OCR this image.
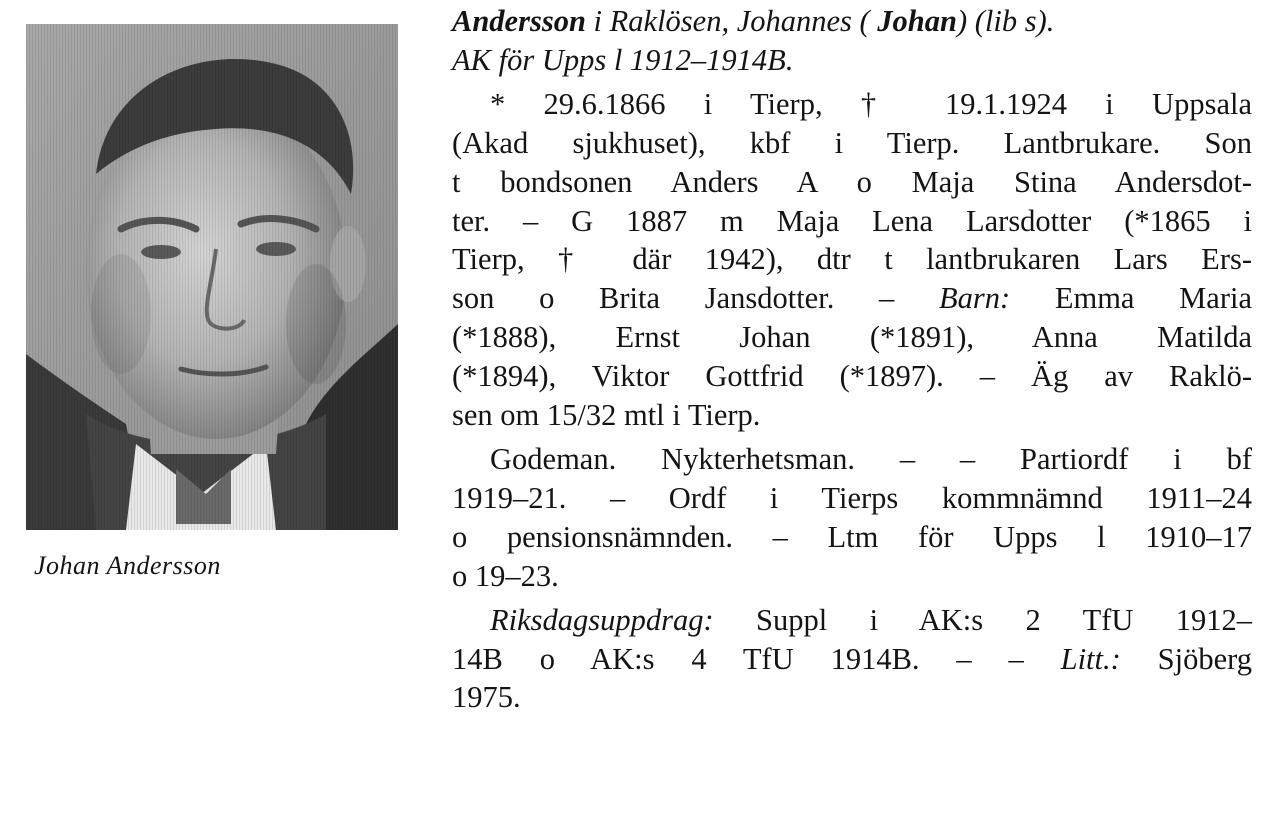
Johan Andersson
Andersson i Raklösen, Johannes ( Johan) (lib s).
AK för Upps l 1912–1914B.
* 29.6.1866 i Tierp, † 19.1.1924 i Uppsala
(Akad sjukhuset), kbf i Tierp. Lantbrukare. Son
t bondsonen Anders A o Maja Stina Andersdot-
ter. – G 1887 m Maja Lena Larsdotter (*1865 i
Tierp, † där 1942), dtr t lantbrukaren Lars Ers-
son o Brita Jansdotter. – Barn: Emma Maria
(*1888), Ernst Johan (*1891), Anna Matilda
(*1894), Viktor Gottfrid (*1897). – Äg av Raklö-
sen om 15/32 mtl i Tierp.
Godeman. Nykterhetsman. – – Partiordf i bf
1919–21. – Ordf i Tierps kommnämnd 1911–24
o pensionsnämnden. – Ltm för Upps l 1910–17
o 19–23.
Riksdagsuppdrag: Suppl i AK:s 2 TfU 1912–
14B o AK:s 4 TfU 1914B. – – Litt.: Sjöberg
1975.
